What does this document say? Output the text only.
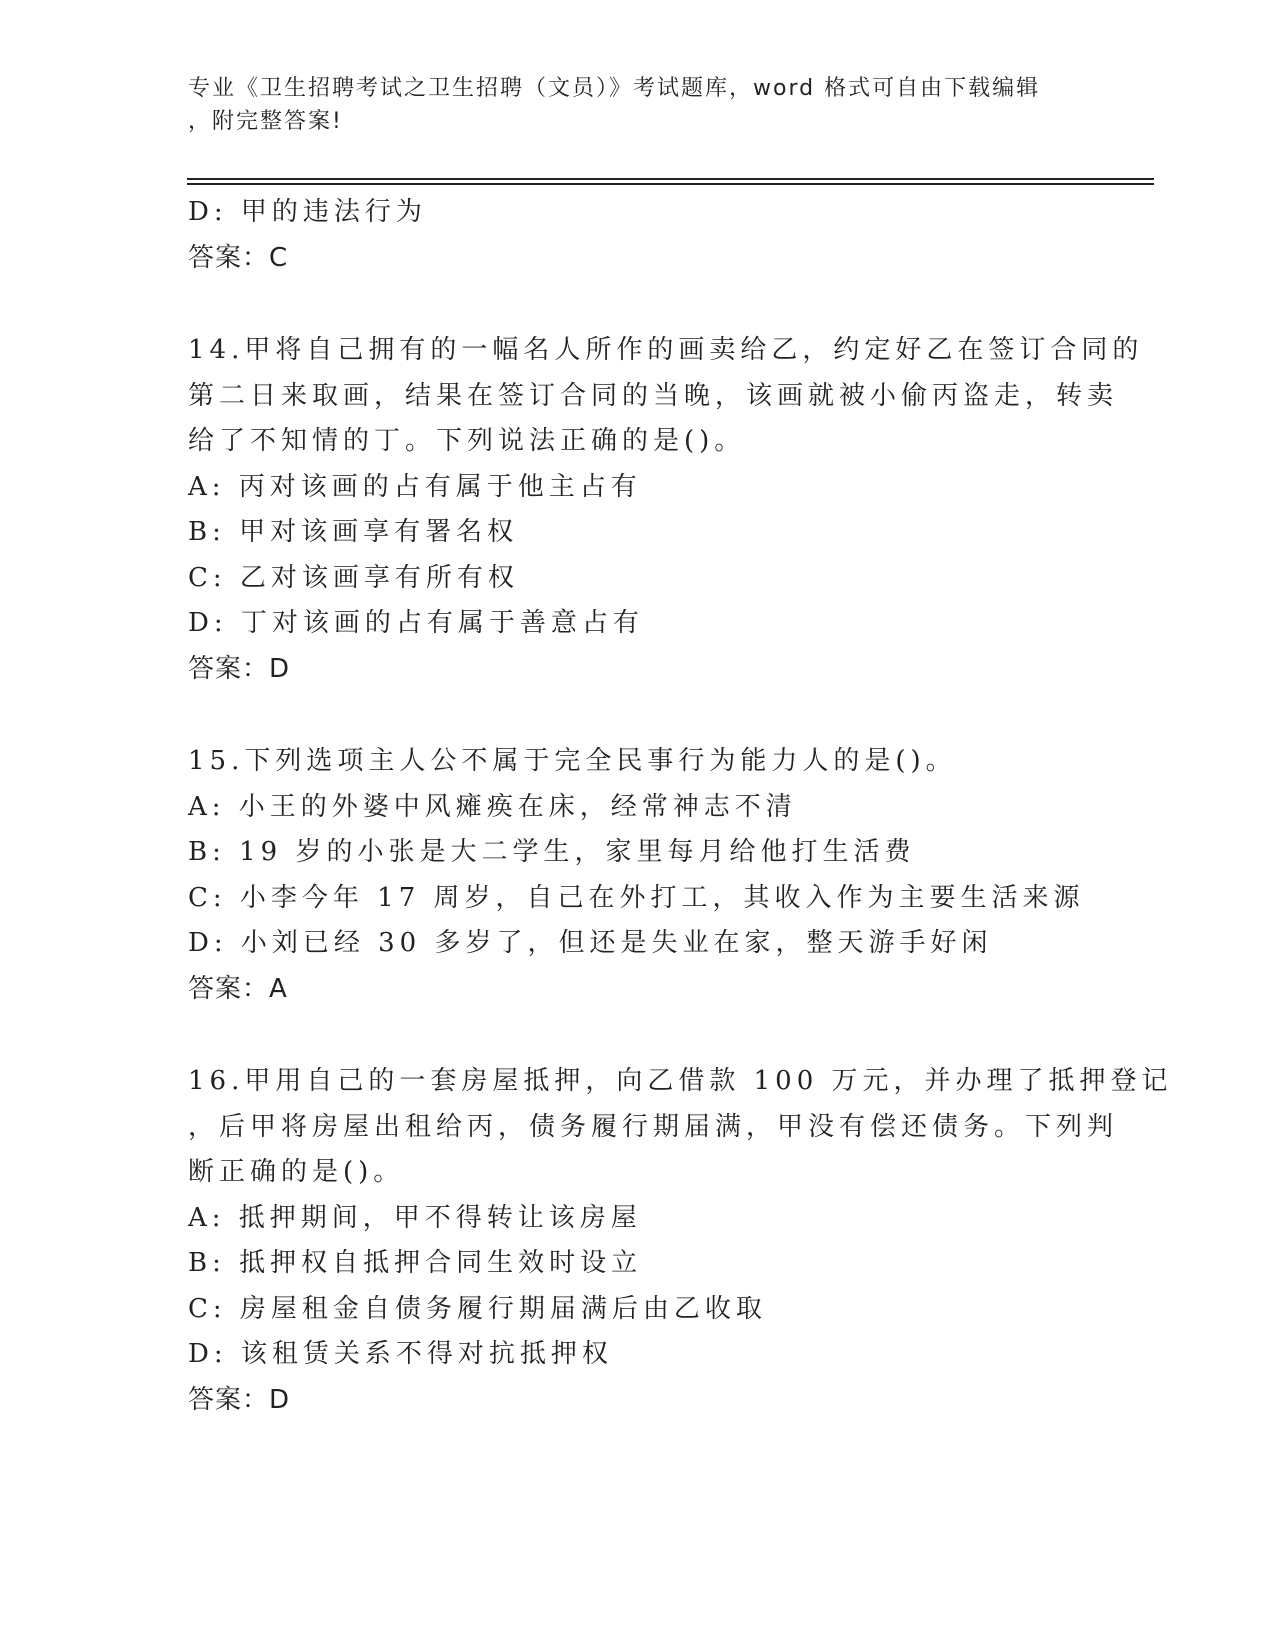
专业《卫生招聘考试之卫生招聘（文员）》考试题库，word 格式可自由下载编辑
，附完整答案!
D: 甲的违法行为
答案：C
14.甲将自己拥有的一幅名人所作的画卖给乙，约定好乙在签订合同的
第二日来取画，结果在签订合同的当晚，该画就被小偷丙盗走，转卖
给了不知情的丁。下列说法正确的是()。
A: 丙对该画的占有属于他主占有
B: 甲对该画享有署名权
C: 乙对该画享有所有权
D: 丁对该画的占有属于善意占有
答案：D
15.下列选项主人公不属于完全民事行为能力人的是()。
A: 小王的外婆中风瘫痪在床，经常神志不清
B: 19 岁的小张是大二学生，家里每月给他打生活费
C: 小李今年 17 周岁，自己在外打工，其收入作为主要生活来源
D: 小刘已经 30 多岁了，但还是失业在家，整天游手好闲
答案：A
16.甲用自己的一套房屋抵押，向乙借款 100 万元，并办理了抵押登记
，后甲将房屋出租给丙，债务履行期届满，甲没有偿还债务。下列判
断正确的是()。
A: 抵押期间，甲不得转让该房屋
B: 抵押权自抵押合同生效时设立
C: 房屋租金自债务履行期届满后由乙收取
D: 该租赁关系不得对抗抵押权
答案：D
